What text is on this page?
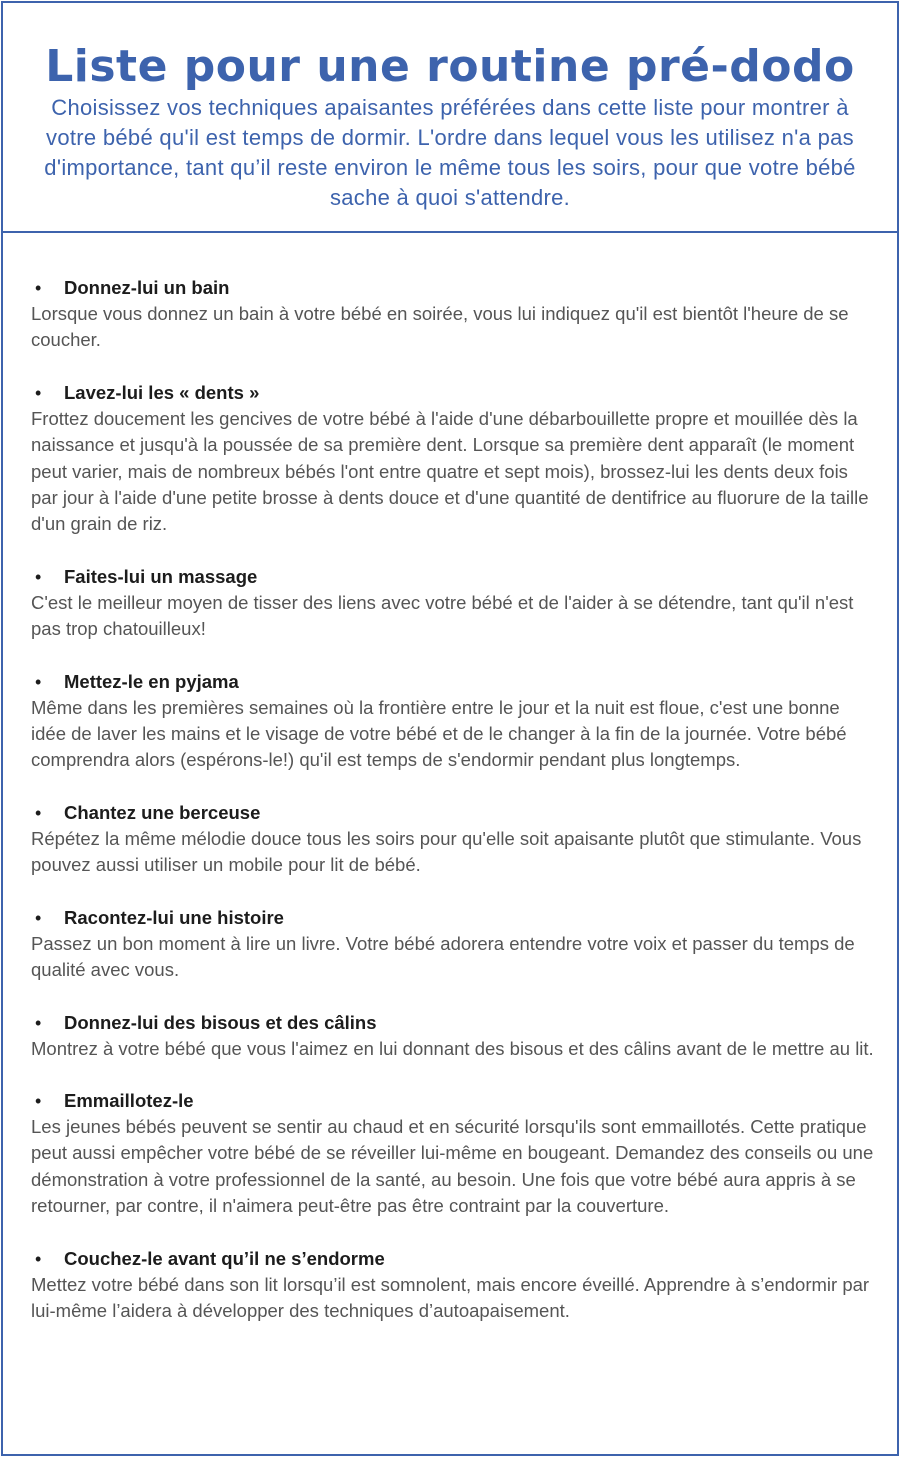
Liste pour une routine pré-dodo

Choisissez vos techniques apaisantes préférées dans cette liste pour montrer à votre bébé qu'il est temps de dormir. L'ordre dans lequel vous les utilisez n'a pas d'importance, tant qu’il reste environ le même tous les soirs, pour que votre bébé sache à quoi s'attendre.

• Donnez-lui un bain

Lorsque vous donnez un bain à votre bébé en soirée, vous lui indiquez qu'il est bientôt l'heure de se coucher.

• Lavez-lui les « dents »

Frottez doucement les gencives de votre bébé à l'aide d'une débarbouillette propre et mouillée dès la naissance et jusqu'à la poussée de sa première dent. Lorsque sa première dent apparaît (le moment peut varier, mais de nombreux bébés l'ont entre quatre et sept mois), brossez-lui les dents deux fois par jour à l'aide d'une petite brosse à dents douce et d'une quantité de dentifrice au fluorure de la taille d'un grain de riz.

• Faites-lui un massage

C'est le meilleur moyen de tisser des liens avec votre bébé et de l'aider à se détendre, tant qu'il n'est pas trop chatouilleux!

• Mettez-le en pyjama

Même dans les premières semaines où la frontière entre le jour et la nuit est floue, c'est une bonne idée de laver les mains et le visage de votre bébé et de le changer à la fin de la journée. Votre bébé comprendra alors (espérons-le!) qu'il est temps de s'endormir pendant plus longtemps.

• Chantez une berceuse

Répétez la même mélodie douce tous les soirs pour qu'elle soit apaisante plutôt que stimulante. Vous pouvez aussi utiliser un mobile pour lit de bébé.

• Racontez-lui une histoire

Passez un bon moment à lire un livre. Votre bébé adorera entendre votre voix et passer du temps de qualité avec vous.

• Donnez-lui des bisous et des câlins

Montrez à votre bébé que vous l'aimez en lui donnant des bisous et des câlins avant de le mettre au lit.

• Emmaillotez-le

Les jeunes bébés peuvent se sentir au chaud et en sécurité lorsqu'ils sont emmaillotés. Cette pratique peut aussi empêcher votre bébé de se réveiller lui-même en bougeant. Demandez des conseils ou une démonstration à votre professionnel de la santé, au besoin. Une fois que votre bébé aura appris à se retourner, par contre, il n'aimera peut-être pas être contraint par la couverture.

• Couchez-le avant qu’il ne s’endorme

Mettez votre bébé dans son lit lorsqu’il est somnolent, mais encore éveillé. Apprendre à s’endormir par lui-même l’aidera à développer des techniques d’autoapaisement.
